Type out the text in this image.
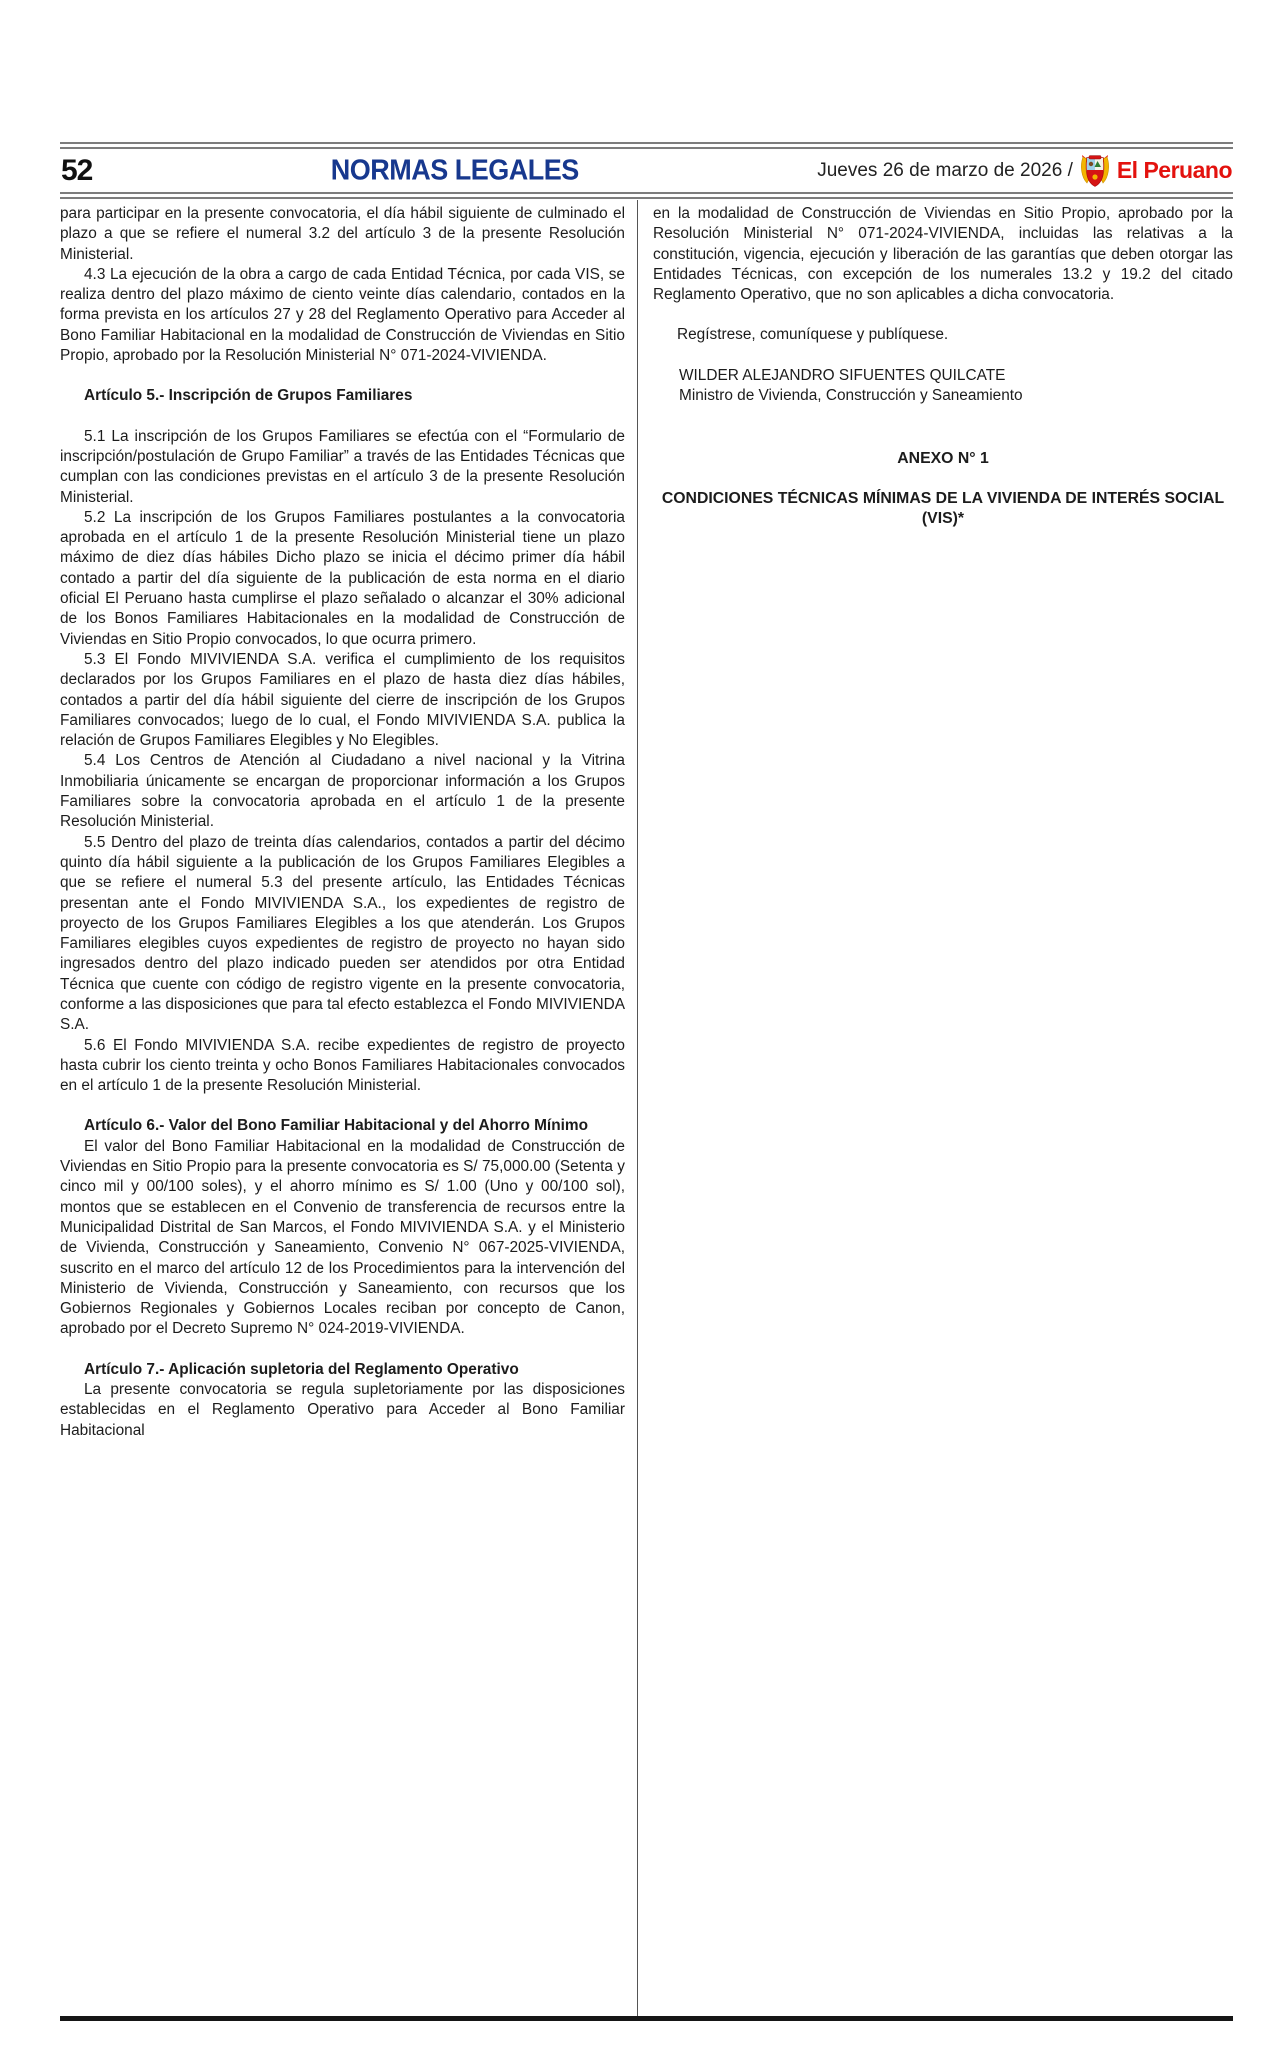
52	NORMAS LEGALES	Jueves 26 de marzo de 2026 / El Peruano

para participar en la presente convocatoria, el día hábil siguiente de culminado el plazo a que se refiere el numeral 3.2 del artículo 3 de la presente Resolución Ministerial.

4.3 La ejecución de la obra a cargo de cada Entidad Técnica, por cada VIS, se realiza dentro del plazo máximo de ciento veinte días calendario, contados en la forma prevista en los artículos 27 y 28 del Reglamento Operativo para Acceder al Bono Familiar Habitacional en la modalidad de Construcción de Viviendas en Sitio Propio, aprobado por la Resolución Ministerial N° 071-2024-VIVIENDA.

Artículo 5.- Inscripción de Grupos Familiares

5.1 La inscripción de los Grupos Familiares se efectúa con el “Formulario de inscripción/postulación de Grupo Familiar” a través de las Entidades Técnicas que cumplan con las condiciones previstas en el artículo 3 de la presente Resolución Ministerial.

5.2 La inscripción de los Grupos Familiares postulantes a la convocatoria aprobada en el artículo 1 de la presente Resolución Ministerial tiene un plazo máximo de diez días hábiles Dicho plazo se inicia el décimo primer día hábil contado a partir del día siguiente de la publicación de esta norma en el diario oficial El Peruano hasta cumplirse el plazo señalado o alcanzar el 30% adicional de los Bonos Familiares Habitacionales en la modalidad de Construcción de Viviendas en Sitio Propio convocados, lo que ocurra primero.

5.3 El Fondo MIVIVIENDA S.A. verifica el cumplimiento de los requisitos declarados por los Grupos Familiares en el plazo de hasta diez días hábiles, contados a partir del día hábil siguiente del cierre de inscripción de los Grupos Familiares convocados; luego de lo cual, el Fondo MIVIVIENDA S.A. publica la relación de Grupos Familiares Elegibles y No Elegibles.

5.4 Los Centros de Atención al Ciudadano a nivel nacional y la Vitrina Inmobiliaria únicamente se encargan de proporcionar información a los Grupos Familiares sobre la convocatoria aprobada en el artículo 1 de la presente Resolución Ministerial.

5.5 Dentro del plazo de treinta días calendarios, contados a partir del décimo quinto día hábil siguiente a la publicación de los Grupos Familiares Elegibles a que se refiere el numeral 5.3 del presente artículo, las Entidades Técnicas presentan ante el Fondo MIVIVIENDA S.A., los expedientes de registro de proyecto de los Grupos Familiares Elegibles a los que atenderán. Los Grupos Familiares elegibles cuyos expedientes de registro de proyecto no hayan sido ingresados dentro del plazo indicado pueden ser atendidos por otra Entidad Técnica que cuente con código de registro vigente en la presente convocatoria, conforme a las disposiciones que para tal efecto establezca el Fondo MIVIVIENDA S.A.

5.6 El Fondo MIVIVIENDA S.A. recibe expedientes de registro de proyecto hasta cubrir los ciento treinta y ocho Bonos Familiares Habitacionales convocados en el artículo 1 de la presente Resolución Ministerial.

Artículo 6.- Valor del Bono Familiar Habitacional y del Ahorro Mínimo

El valor del Bono Familiar Habitacional en la modalidad de Construcción de Viviendas en Sitio Propio para la presente convocatoria es S/ 75,000.00 (Setenta y cinco mil y 00/100 soles), y el ahorro mínimo es S/ 1.00 (Uno y 00/100 sol), montos que se establecen en el Convenio de transferencia de recursos entre la Municipalidad Distrital de San Marcos, el Fondo MIVIVIENDA S.A. y el Ministerio de Vivienda, Construcción y Saneamiento, Convenio N° 067-2025-VIVIENDA, suscrito en el marco del artículo 12 de los Procedimientos para la intervención del Ministerio de Vivienda, Construcción y Saneamiento, con recursos que los Gobiernos Regionales y Gobiernos Locales reciban por concepto de Canon, aprobado por el Decreto Supremo N° 024-2019-VIVIENDA.

Artículo 7.- Aplicación supletoria del Reglamento Operativo

La presente convocatoria se regula supletoriamente por las disposiciones establecidas en el Reglamento Operativo para Acceder al Bono Familiar Habitacional

en la modalidad de Construcción de Viviendas en Sitio Propio, aprobado por la Resolución Ministerial N° 071-2024-VIVIENDA, incluidas las relativas a la constitución, vigencia, ejecución y liberación de las garantías que deben otorgar las Entidades Técnicas, con excepción de los numerales 13.2 y 19.2 del citado Reglamento Operativo, que no son aplicables a dicha convocatoria.

Regístrese, comuníquese y publíquese.

WILDER ALEJANDRO SIFUENTES QUILCATE

Ministro de Vivienda, Construcción y Saneamiento

ANEXO N° 1
CONDICIONES TÉCNICAS MÍNIMAS DE LA VIVIENDA DE INTERÉS SOCIAL (VIS)*
